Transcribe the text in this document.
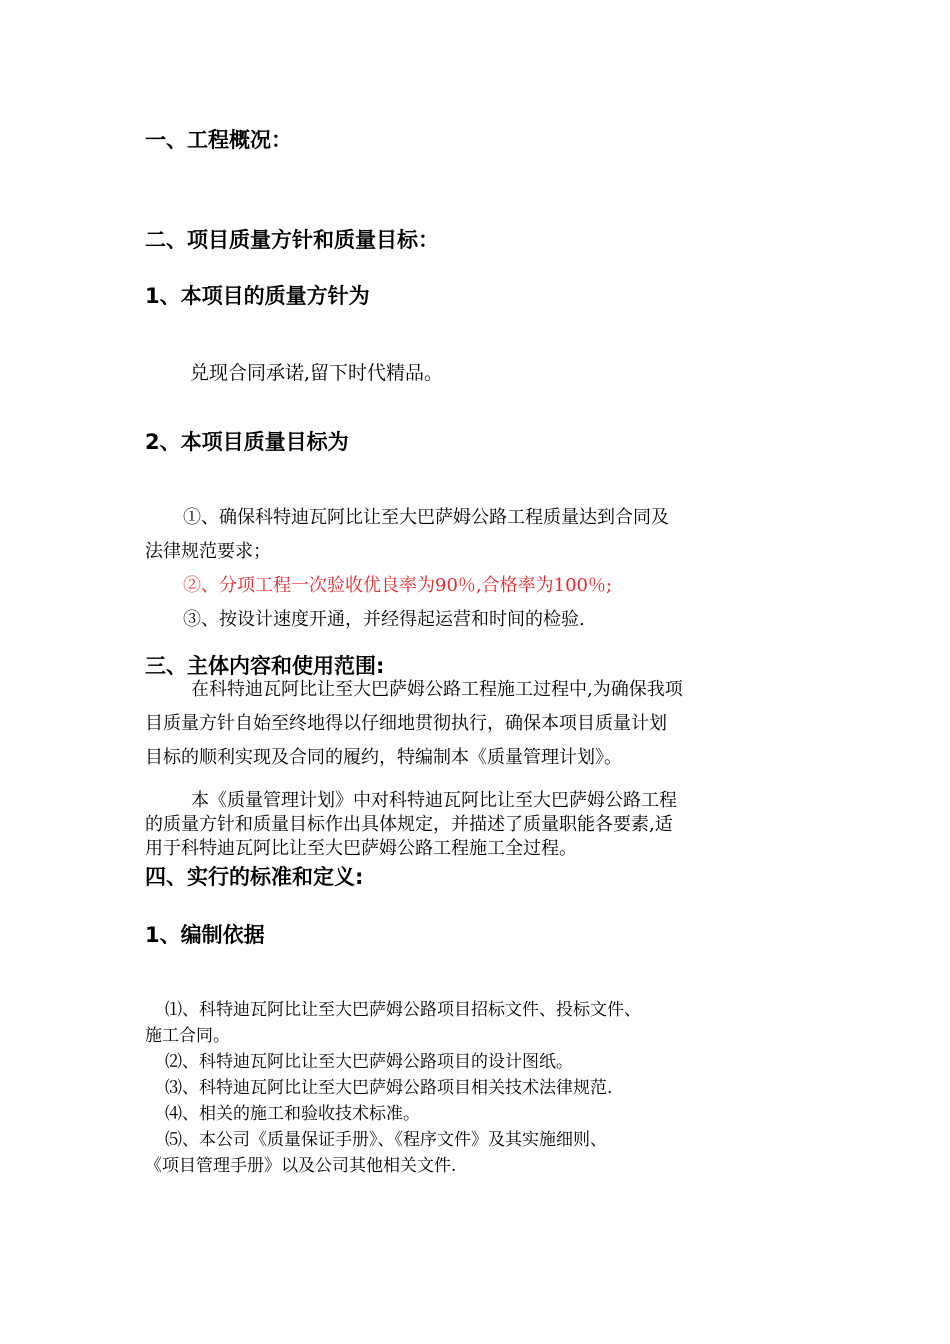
一、工程概况：

二、项目质量方针和质量目标：

1、本项目的质量方针为

兑现合同承诺,留下时代精品。

2、本项目质量目标为

①、确保科特迪瓦阿比让至大巴萨姆公路工程质量达到合同及
法律规范要求；
②、分项工程一次验收优良率为90％,合格率为100％;
③、按设计速度开通，并经得起运营和时间的检验.

三、主体内容和使用范围:

在科特迪瓦阿比让至大巴萨姆公路工程施工过程中,为确保我项
目质量方针自始至终地得以仔细地贯彻执行，确保本项目质量计划
目标的顺利实现及合同的履约，特编制本《质量管理计划》。
本《质量管理计划》中对科特迪瓦阿比让至大巴萨姆公路工程
的质量方针和质量目标作出具体规定，并描述了质量职能各要素,适
用于科特迪瓦阿比让至大巴萨姆公路工程施工全过程。

四、实行的标准和定义:

1、编制依据

⑴、科特迪瓦阿比让至大巴萨姆公路项目招标文件、投标文件、
施工合同。
⑵、科特迪瓦阿比让至大巴萨姆公路项目的设计图纸。
⑶、科特迪瓦阿比让至大巴萨姆公路项目相关技术法律规范.
⑷、相关的施工和验收技术标准。
⑸、本公司《质量保证手册》、《程序文件》及其实施细则、
《项目管理手册》以及公司其他相关文件.
